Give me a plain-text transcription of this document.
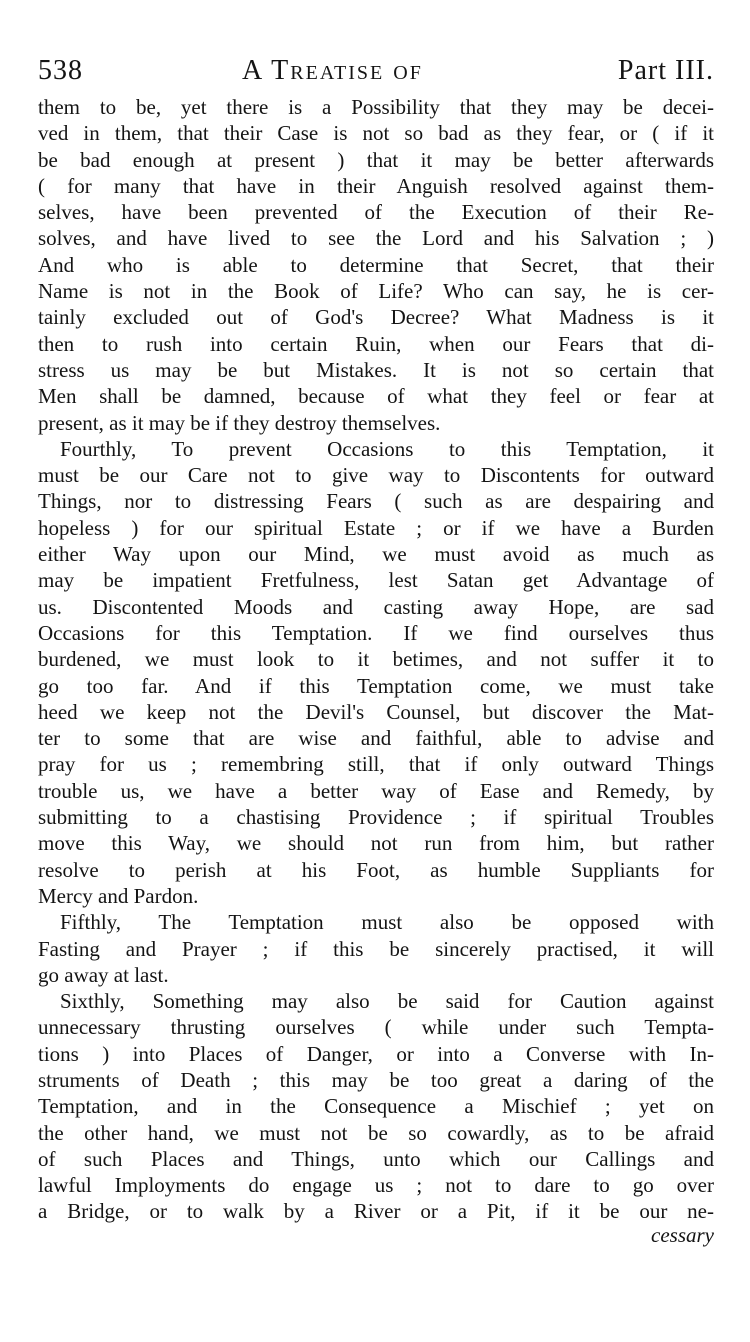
538	A Treatise of	Part III.
them to be, yet there is a Possibility that they may be decei-
ved in them, that their Case is not so bad as they fear, or ( if it
be bad enough at present ) that it may be better afterwards
( for many that have in their Anguish resolved against them-
selves, have been prevented of the Execution of their Re-
solves, and have lived to see the Lord and his Salvation ; )
And who is able to determine that Secret, that their
Name is not in the Book of Life? Who can say, he is cer-
tainly excluded out of God's Decree? What Madness is it
then to rush into certain Ruin, when our Fears that di-
stress us may be but Mistakes. It is not so certain that
Men shall be damned, because of what they feel or fear at
present, as it may be if they destroy themselves.
Fourthly, To prevent Occasions to this Temptation, it
must be our Care not to give way to Discontents for outward
Things, nor to distressing Fears ( such as are despairing and
hopeless ) for our spiritual Estate ; or if we have a Burden
either Way upon our Mind, we must avoid as much as
may be impatient Fretfulness, lest Satan get Advantage of
us. Discontented Moods and casting away Hope, are sad
Occasions for this Temptation. If we find ourselves thus
burdened, we must look to it betimes, and not suffer it to
go too far. And if this Temptation come, we must take
heed we keep not the Devil's Counsel, but discover the Mat-
ter to some that are wise and faithful, able to advise and
pray for us ; remembring still, that if only outward Things
trouble us, we have a better way of Ease and Remedy, by
submitting to a chastising Providence ; if spiritual Troubles
move this Way, we should not run from him, but rather
resolve to perish at his Foot, as humble Suppliants for
Mercy and Pardon.
Fifthly, The Temptation must also be opposed with
Fasting and Prayer ; if this be sincerely practised, it will
go away at last.
Sixthly, Something may also be said for Caution against
unnecessary thrusting ourselves ( while under such Tempta-
tions ) into Places of Danger, or into a Converse with In-
struments of Death ; this may be too great a daring of the
Temptation, and in the Consequence a Mischief ; yet on
the other hand, we must not be so cowardly, as to be afraid
of such Places and Things, unto which our Callings and
lawful Imployments do engage us ; not to dare to go over
a Bridge, or to walk by a River or a Pit, if it be our ne-
cessary
